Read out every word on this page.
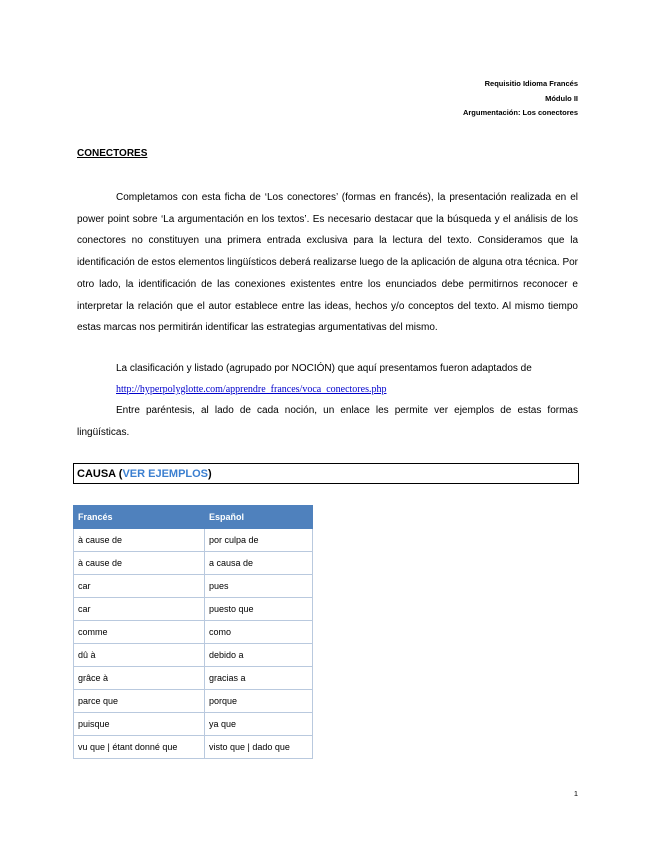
Requisitio Idioma Francés
Módulo II
Argumentación: Los conectores
CONECTORES

Completamos con esta ficha de ‘Los conectores’ (formas en francés), la presentación realizada en el power point sobre ‘La argumentación en los textos’. Es necesario destacar que la búsqueda y el análisis de los conectores no constituyen una primera entrada exclusiva para la lectura del texto. Consideramos que la identificación de estos elementos lingüísticos deberá realizarse luego de la aplicación de alguna otra técnica. Por otro lado, la identificación de las conexiones existentes entre los enunciados debe permitirnos reconocer e interpretar la relación que el autor establece entre las ideas, hechos y/o conceptos del texto. Al mismo tiempo estas marcas nos permitirán identificar las estrategias argumentativas del mismo.

La clasificación y listado (agrupado por NOCIÓN) que aquí presentamos fueron adaptados de

http://hyperpolyglotte.com/apprendre_frances/voca_conectores.php

Entre paréntesis, al lado de cada noción, un enlace les permite ver ejemplos de estas formas lingüísticas.

CAUSA (VER EJEMPLOS)
Francés	Español
à cause de	por culpa de
à cause de	a causa de
car	pues
car	puesto que
comme	como
dû à	debido a
grâce à	gracias a
parce que	porque
puisque	ya que
vu que | étant donné que	visto que | dado que
1
